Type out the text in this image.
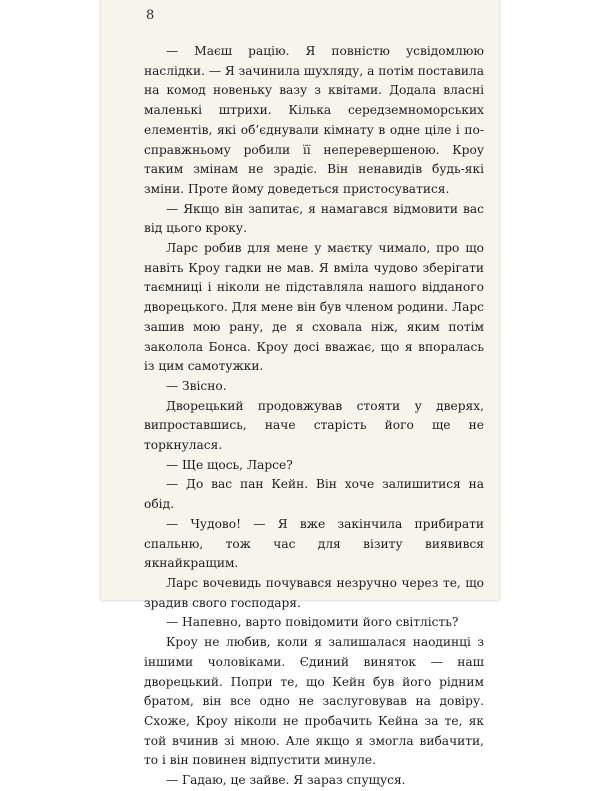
8

— Маєш рацію. Я повністю усвідомлюю наслідки. — Я зачинила шухляду, а потім поставила на комод новеньку вазу з квітами. Додала власні маленькі штрихи. Кілька середземноморських елементів, які об’єднували кімнату в одне ціле і по-справжньому робили її неперевершеною. Кроу таким змінам не зрадіє. Він ненавидів будь-які зміни. Проте йому доведеться пристосуватися.

— Якщо він запитає, я намагався відмовити вас від цього кроку.

Ларс робив для мене у маєтку чимало, про що навіть Кроу гадки не мав. Я вміла чудово зберігати таємниці і ніколи не підставляла нашого відданого дворецького. Для мене він був членом родини. Ларс зашив мою рану, де я сховала ніж, яким потім заколола Бонса. Кроу досі вважає, що я впоралась із цим самотужки.

— Звісно.

Дворецький продовжував стояти у дверях, випроставшись, наче старість його ще не торкнулася.

— Ще щось, Ларсе?

— До вас пан Кейн. Він хоче залишитися на обід.

— Чудово! — Я вже закінчила прибирати спальню, тож час для візиту виявився якнайкращим.

Ларс вочевидь почувався незручно через те, що зрадив свого господаря.

— Напевно, варто повідомити його світлість?

Кроу не любив, коли я залишалася наодинці з іншими чоловіками. Єдиний виняток — наш дворецький. Попри те, що Кейн був його рідним братом, він все одно не заслуговував на довіру. Схоже, Кроу ніколи не пробачить Кейна за те, як той вчинив зі мною. Але якщо я змогла вибачити, то і він повинен відпустити минуле.

— Гадаю, це зайве. Я зараз спущуся.
